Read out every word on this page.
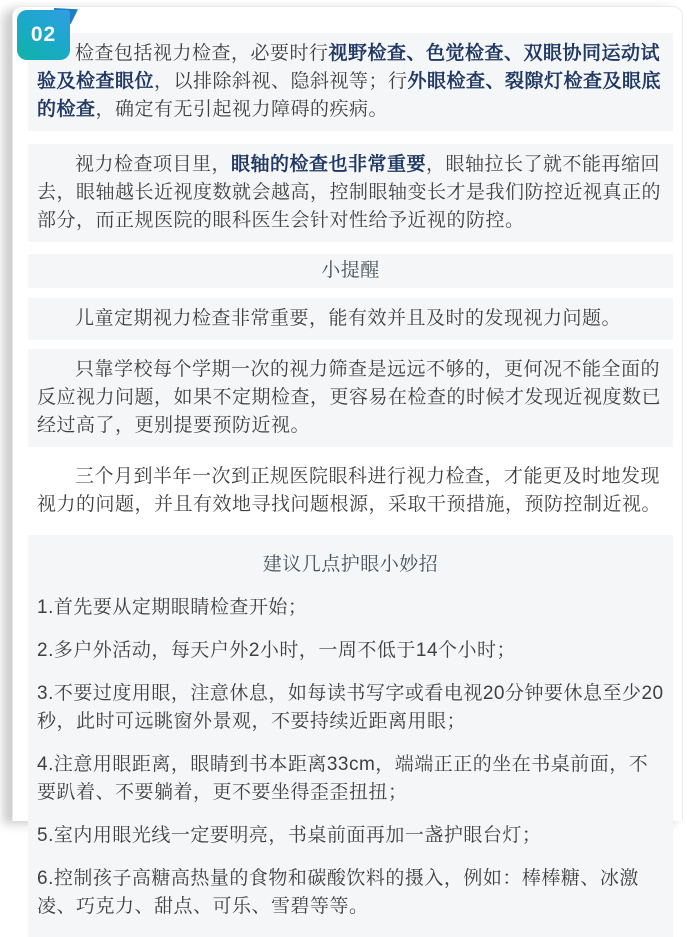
02

检查包括视力检查，必要时行视野检查、色觉检查、双眼协同运动试验及检查眼位，以排除斜视、隐斜视等；行外眼检查、裂隙灯检查及眼底的检查，确定有无引起视力障碍的疾病。

视力检查项目里，眼轴的检查也非常重要，眼轴拉长了就不能再缩回去，眼轴越长近视度数就会越高，控制眼轴变长才是我们防控近视真正的部分，而正规医院的眼科医生会针对性给予近视的防控。

小提醒

儿童定期视力检查非常重要，能有效并且及时的发现视力问题。

只靠学校每个学期一次的视力筛查是远远不够的，更何况不能全面的反应视力问题，如果不定期检查，更容易在检查的时候才发现近视度数已经过高了，更别提要预防近视。

三个月到半年一次到正规医院眼科进行视力检查，才能更及时地发现视力的问题，并且有效地寻找问题根源，采取干预措施，预防控制近视。

建议几点护眼小妙招

1.首先要从定期眼睛检查开始；

2.多户外活动，每天户外2小时，一周不低于14个小时；

3.不要过度用眼，注意休息，如每读书写字或看电视20分钟要休息至少20秒，此时可远眺窗外景观，不要持续近距离用眼；

4.注意用眼距离，眼睛到书本距离33cm，端端正正的坐在书桌前面，不要趴着、不要躺着，更不要坐得歪歪扭扭；

5.室内用眼光线一定要明亮，书桌前面再加一盏护眼台灯；

6.控制孩子高糖高热量的食物和碳酸饮料的摄入，例如：棒棒糖、冰激凌、巧克力、甜点、可乐、雪碧等等。
